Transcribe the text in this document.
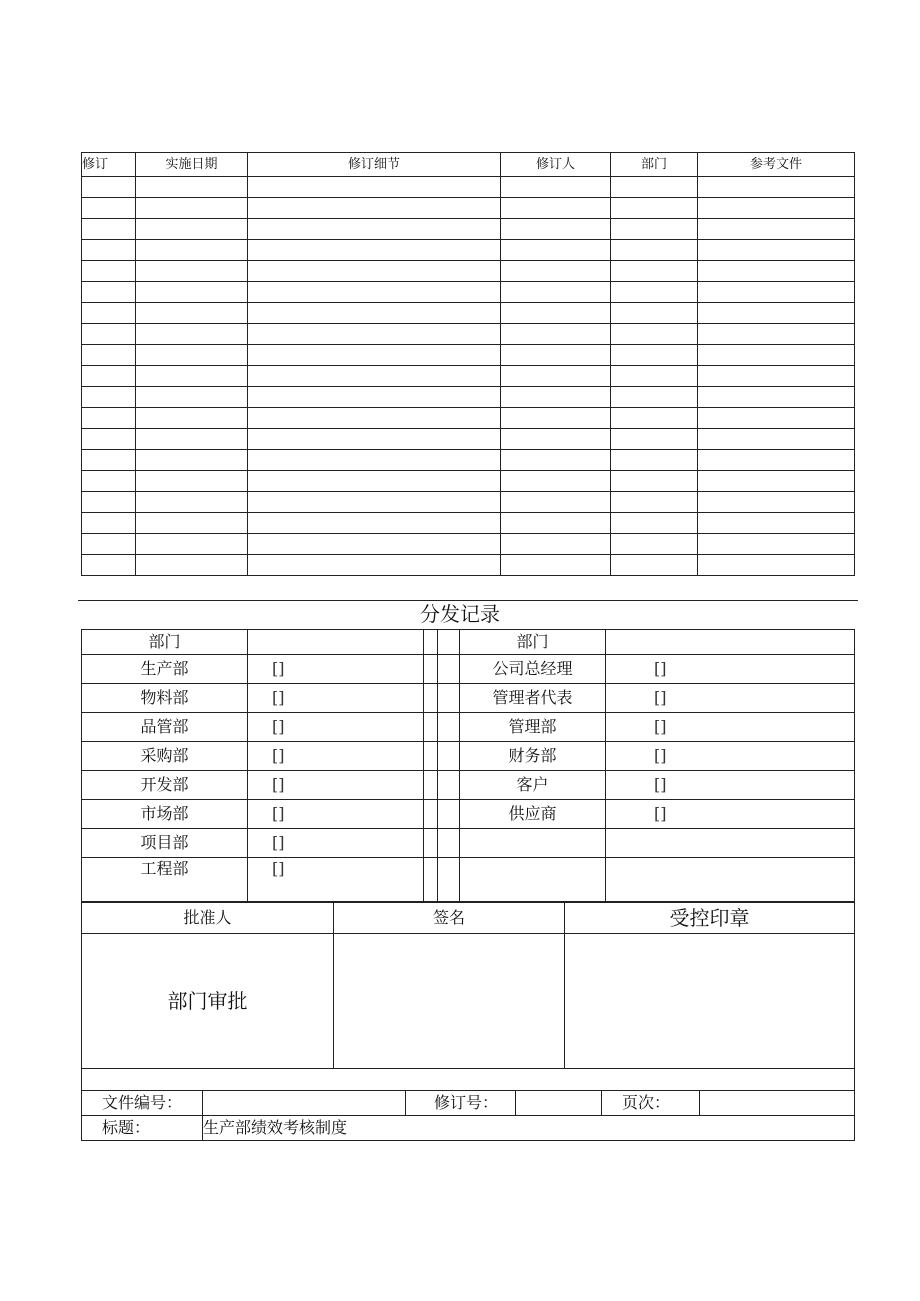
修订	实施日期	修订细节	修订人	部门	参考文件

分发记录
部门				部门	
生产部	[]			公司总经理	[]
物料部	[]			管理者代表	[]
品管部	[]			管理部	[]
采购部	[]			财务部	[]
开发部	[]			客户	[]
市场部	[]			供应商	[]
项目部	[]				
工程部	[]				
批准人	签名	受控印章
部门审批		

文件编号：		修订号：		页次：	
标题：	生产部绩效考核制度				
